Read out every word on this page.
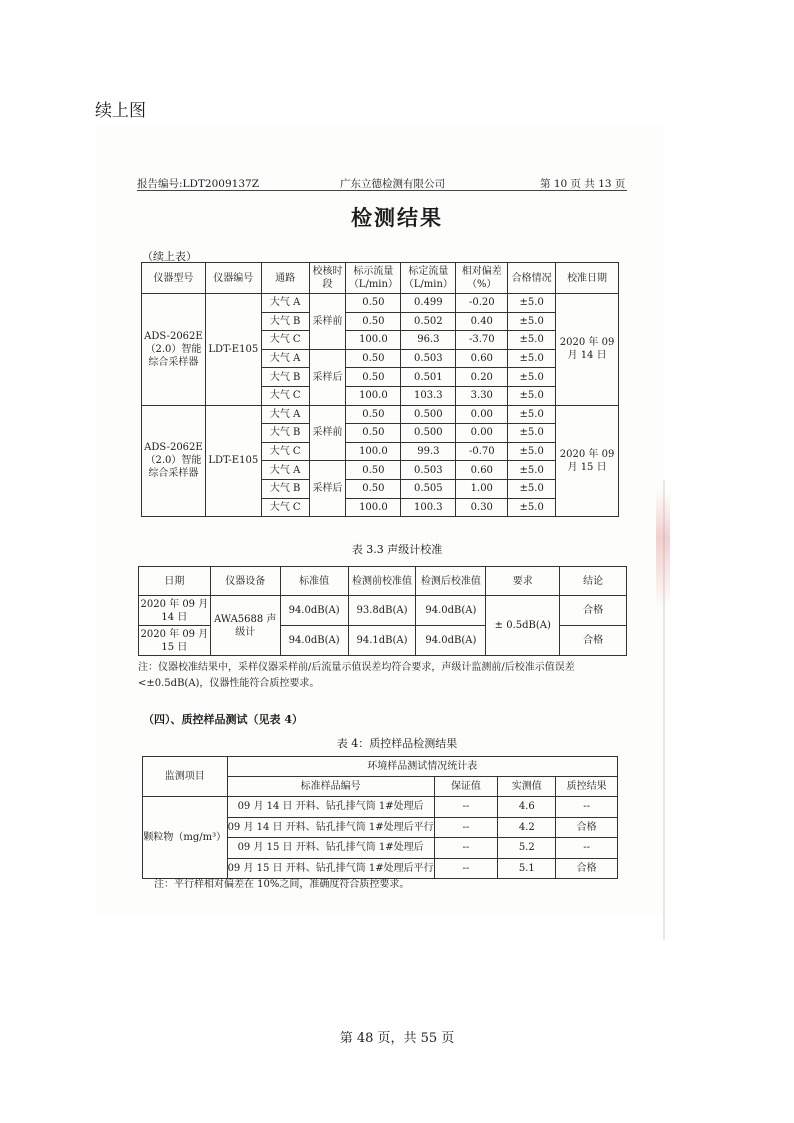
续上图
报告编号:LDT2009137Z	广东立德检测有限公司	第 10 页 共 13 页
检测结果
（续上表）
仪器型号	仪器编号	通路	校核时段	标示流量（L/min）	标定流量（L/min）	相对偏差（%）	合格情况	校准日期
ADS-2062E（2.0）智能综合采样器	LDT-E105	大气 A	采样前	0.50	0.499	-0.20	±5.0	2020 年 09 月 14 日
		大气 B		0.50	0.502	0.40	±5.0	
		大气 C		100.0	96.3	-3.70	±5.0	
		大气 A	采样后	0.50	0.503	0.60	±5.0	
		大气 B		0.50	0.501	0.20	±5.0	
		大气 C		100.0	103.3	3.30	±5.0	
ADS-2062E（2.0）智能综合采样器	LDT-E105	大气 A	采样前	0.50	0.500	0.00	±5.0	2020 年 09 月 15 日
		大气 B		0.50	0.500	0.00	±5.0	
		大气 C		100.0	99.3	-0.70	±5.0	
		大气 A	采样后	0.50	0.503	0.60	±5.0	
		大气 B		0.50	0.505	1.00	±5.0	
		大气 C		100.0	100.3	0.30	±5.0	
表 3.3 声级计校准
日期	仪器设备	标准值	检测前校准值	检测后校准值	要求	结论
2020 年 09 月 14 日	AWA5688 声级计	94.0dB(A)	93.8dB(A)	94.0dB(A)	± 0.5dB(A)	合格
2020 年 09 月 15 日		94.0dB(A)	94.1dB(A)	94.0dB(A)		合格
注：仪器校准结果中，采样仪器采样前/后流量示值误差均符合要求，声级计监测前/后校准示值误差<±0.5dB(A)，仪器性能符合质控要求。
（四）、质控样品测试（见表 4）
表 4：质控样品检测结果
监测项目	环境样品测试情况统计表			
	标准样品编号	保证值	实测值	质控结果
颗粒物（mg/m³）	09 月 14 日 开料、钻孔排气筒 1#处理后	--	4.6	--
	09 月 14 日 开料、钻孔排气筒 1#处理后平行	--	4.2	合格
	09 月 15 日 开料、钻孔排气筒 1#处理后	--	5.2	--
	09 月 15 日 开料、钻孔排气筒 1#处理后平行	--	5.1	合格
注：平行样相对偏差在 10%之间，准确度符合质控要求。
第 48 页，共 55 页
